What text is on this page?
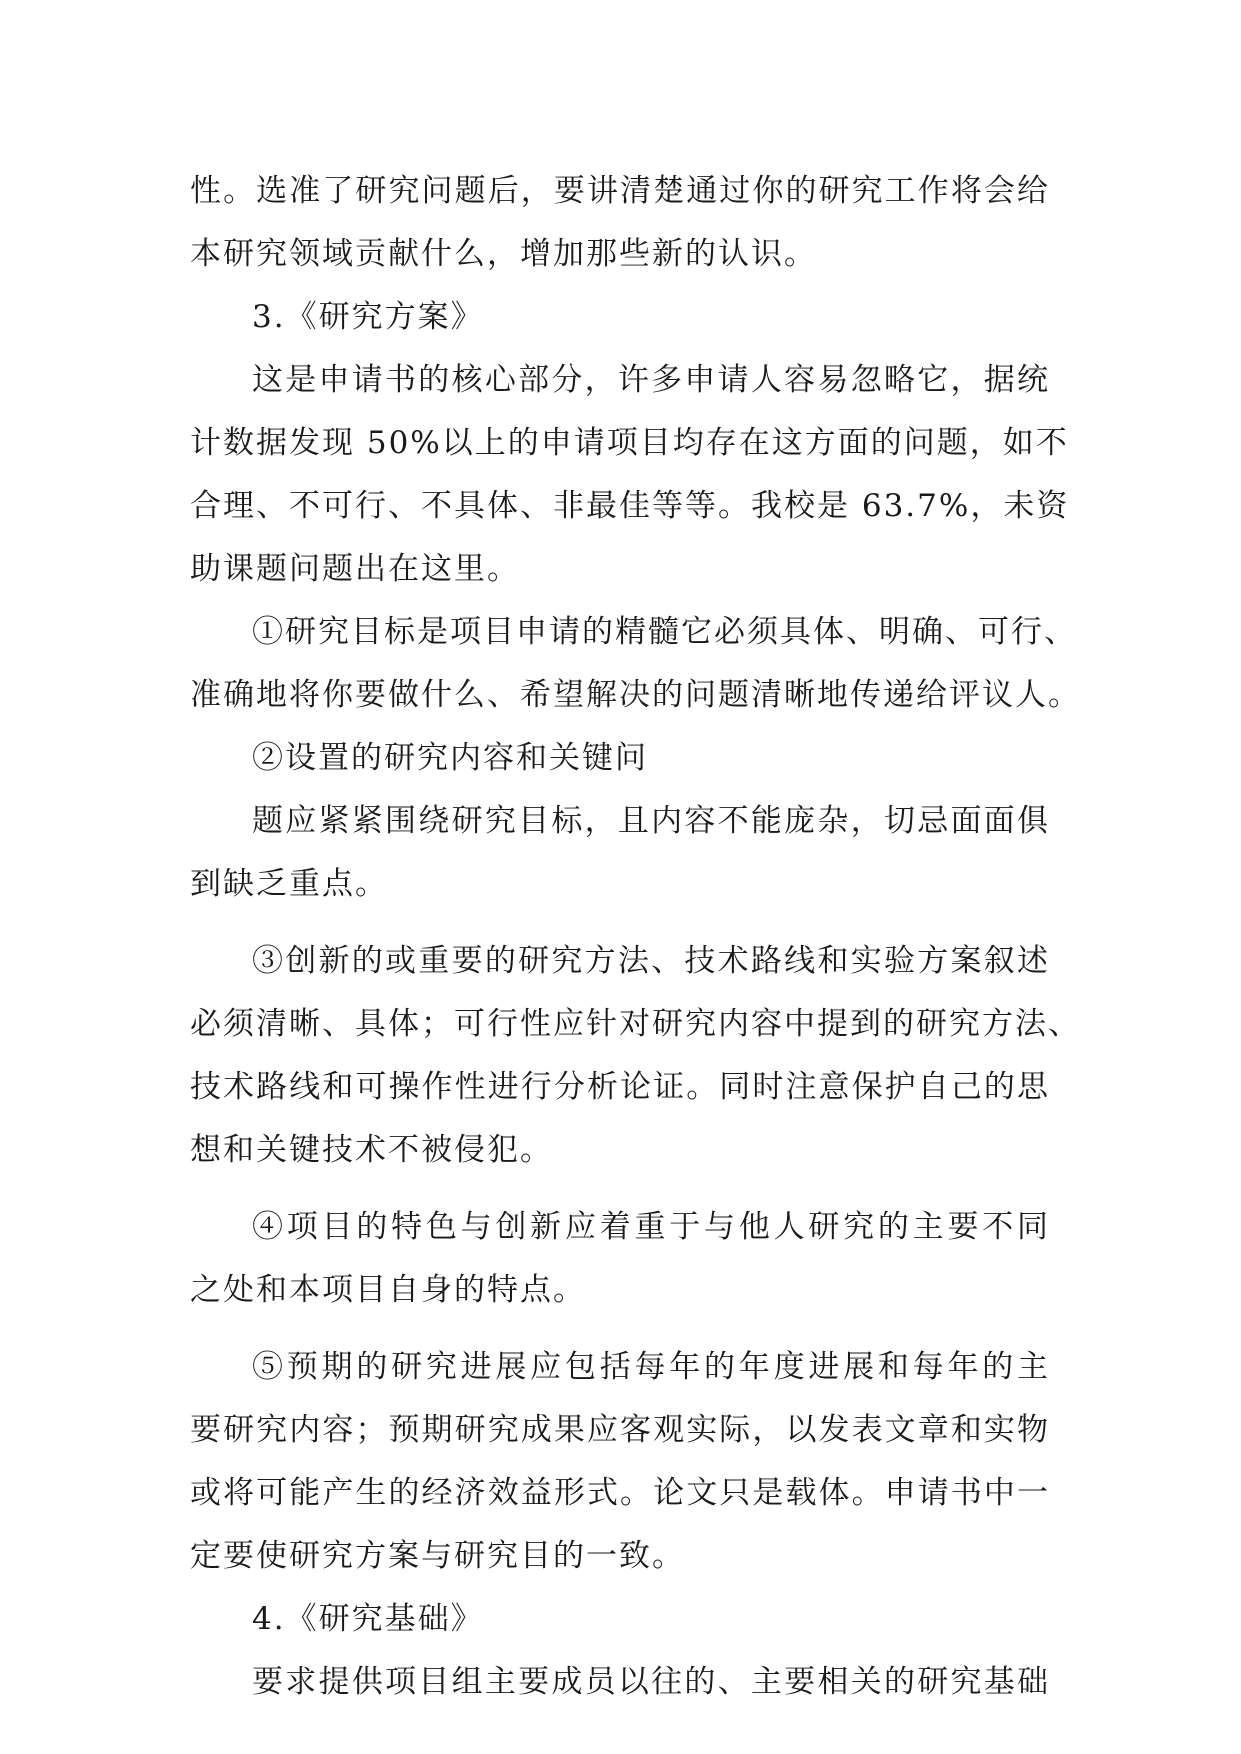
性。选准了研究问题后，要讲清楚通过你的研究工作将会给
本研究领域贡献什么，增加那些新的认识。
3.《研究方案》
这是申请书的核心部分，许多申请人容易忽略它，据统
计数据发现 50%以上的申请项目均存在这方面的问题，如不
合理、不可行、不具体、非最佳等等。我校是 63.7%，未资
助课题问题出在这里。
①研究目标是项目申请的精髓它必须具体、明确、可行、
准确地将你要做什么、希望解决的问题清晰地传递给评议人。
②设置的研究内容和关键问
题应紧紧围绕研究目标，且内容不能庞杂，切忌面面俱
到缺乏重点。
③创新的或重要的研究方法、技术路线和实验方案叙述
必须清晰、具体；可行性应针对研究内容中提到的研究方法、
技术路线和可操作性进行分析论证。同时注意保护自己的思
想和关键技术不被侵犯。
④项目的特色与创新应着重于与他人研究的主要不同
之处和本项目自身的特点。
⑤预期的研究进展应包括每年的年度进展和每年的主
要研究内容；预期研究成果应客观实际，以发表文章和实物
或将可能产生的经济效益形式。论文只是载体。申请书中一
定要使研究方案与研究目的一致。
4.《研究基础》
要求提供项目组主要成员以往的、主要相关的研究基础
